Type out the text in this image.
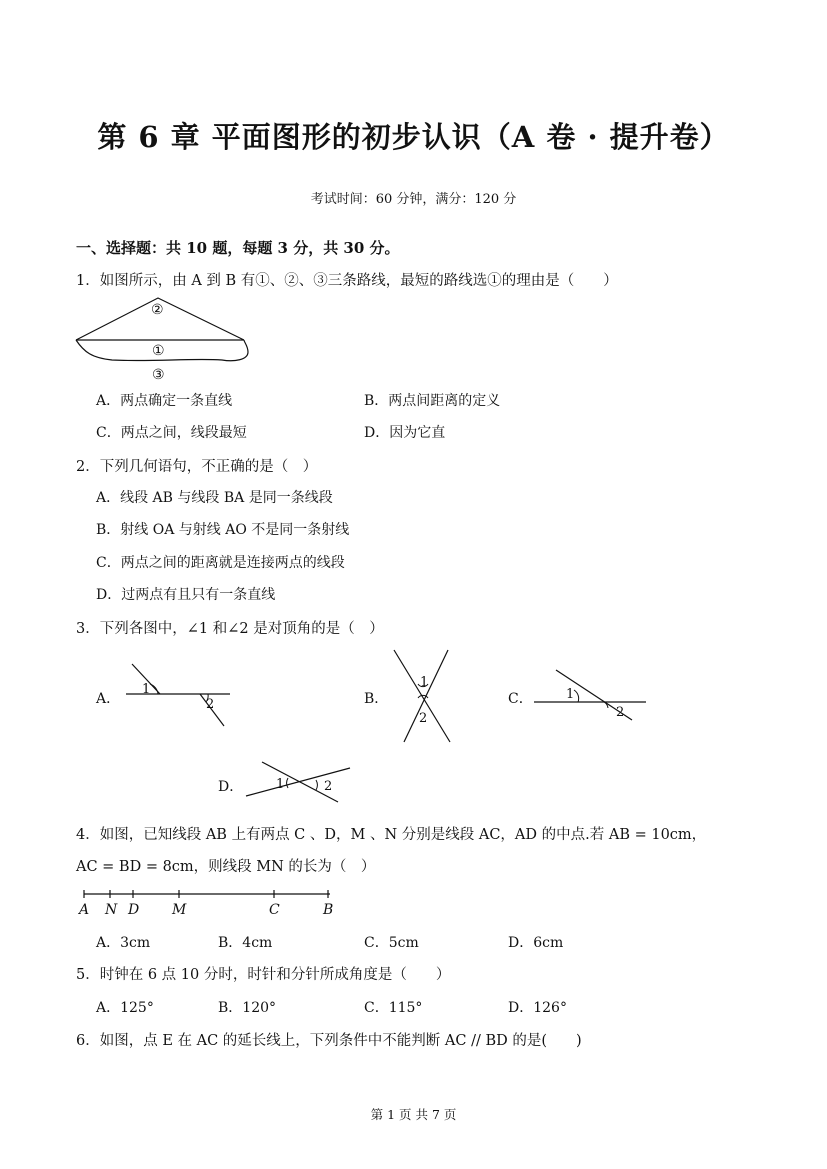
第 6 章 平面图形的初步认识（A 卷 · 提升卷）
考试时间：60 分钟，满分：120 分
一、选择题：共 10 题，每题 3 分，共 30 分。
1．如图所示，由 A 到 B 有①、②、③三条路线，最短的路线选①的理由是（　　）
②
①
③
A．两点确定一条直线	B．两点间距离的定义
C．两点之间，线段最短	D．因为它直
2．下列几何语句，不正确的是（　）
A．线段 AB 与线段 BA 是同一条线段
B．射线 OA 与射线 AO 不是同一条射线
C．两点之间的距离就是连接两点的线段
D．过两点有且只有一条直线
3．下列各图中，∠1 和∠2 是对顶角的是（　）
A．
1
2	B．
1
2
C．	1
2
D．	1	2
4．如图，已知线段 AB 上有两点 C 、D，M 、N 分别是线段 AC，AD 的中点.若 AB = 10cm，
AC = BD = 8cm，则线段 MN 的长为（　）
A N D M	C	B
A．3cm	B．4cm	C．5cm	D．6cm
5．时钟在 6 点 10 分时，时针和分针所成角度是（　　）
A．125°	B．120°	C．115°	D．126°
6．如图，点 E 在 AC 的延长线上，下列条件中不能判断 AC // BD 的是(　　)
第 1 页 共 7 页
